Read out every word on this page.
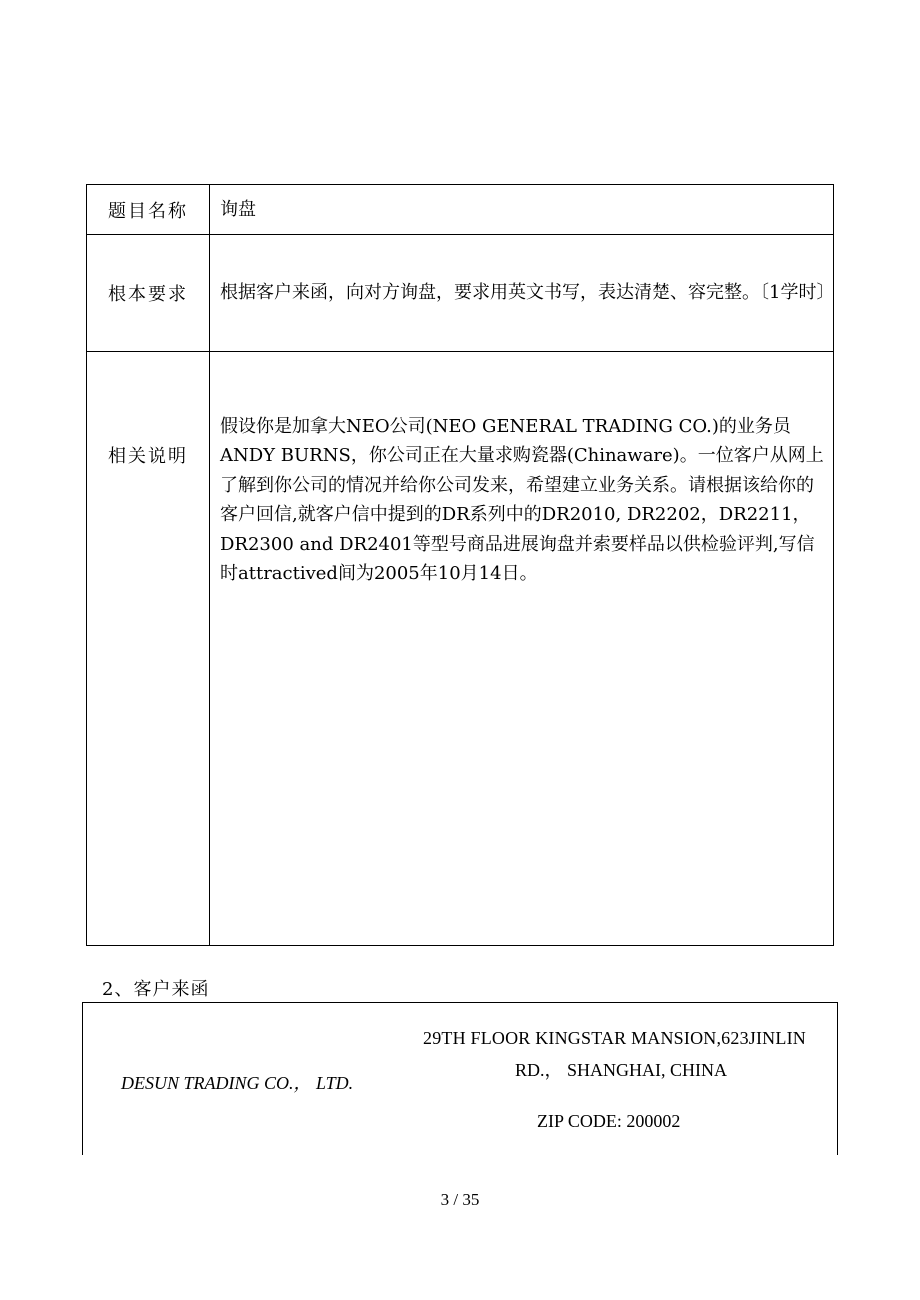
题目名称	询盘
根本要求	根据客户来函，向对方询盘，要求用英文书写，表达清楚、容完整。〔1学时〕
相关说明	假设你是加拿大NEO公司(NEO GENERAL TRADING CO.)的业务员ANDY BURNS，你公司正在大量求购瓷器(Chinaware)。一位客户从网上了解到你公司的情况并给你公司发来，希望建立业务关系。请根据该给你的客户回信,就客户信中提到的DR系列中的DR2010, DR2202，DR2211，DR2300 and DR2401等型号商品进展询盘并索要样品以供检验评判,写信时attractived间为2005年10月14日。
2、客户来函
DESUN TRADING CO.， LTD.
29TH FLOOR KINGSTAR MANSION,623JINLIN
RD.， SHANGHAI, CHINA
ZIP CODE: 200002
3 / 35
